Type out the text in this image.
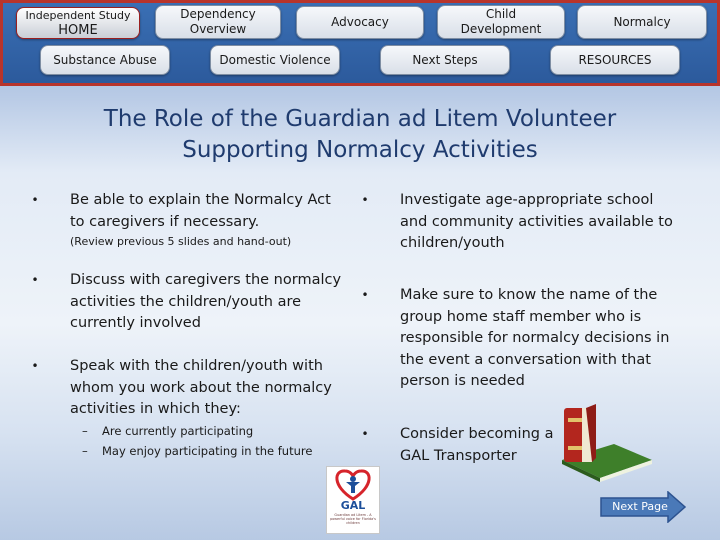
Independent Study
HOME
Dependency Overview	Advocacy
Child Development
Normalcy
Substance Abuse	Domestic Violence	Next Steps	RESOURCES
The Role of the Guardian ad Litem Volunteer
Supporting Normalcy Activities
• Be able to explain the Normalcy Act to caregivers if necessary.
(Review previous 5 slides and hand-out)
• Discuss with caregivers the normalcy activities the children/youth are currently involved
• Speak with the children/youth with whom you work about the normalcy activities in which they:
– Are currently participating
– May enjoy participating in the future
• Investigate age-appropriate school and community activities available to children/youth
• Make sure to know the name of the group home staff member who is responsible for normalcy decisions in the event a conversation with that person is needed
• Consider becoming a GAL Transporter
GAL
Guardian ad Litem - A powerful voice for Florida's children
Next Page
